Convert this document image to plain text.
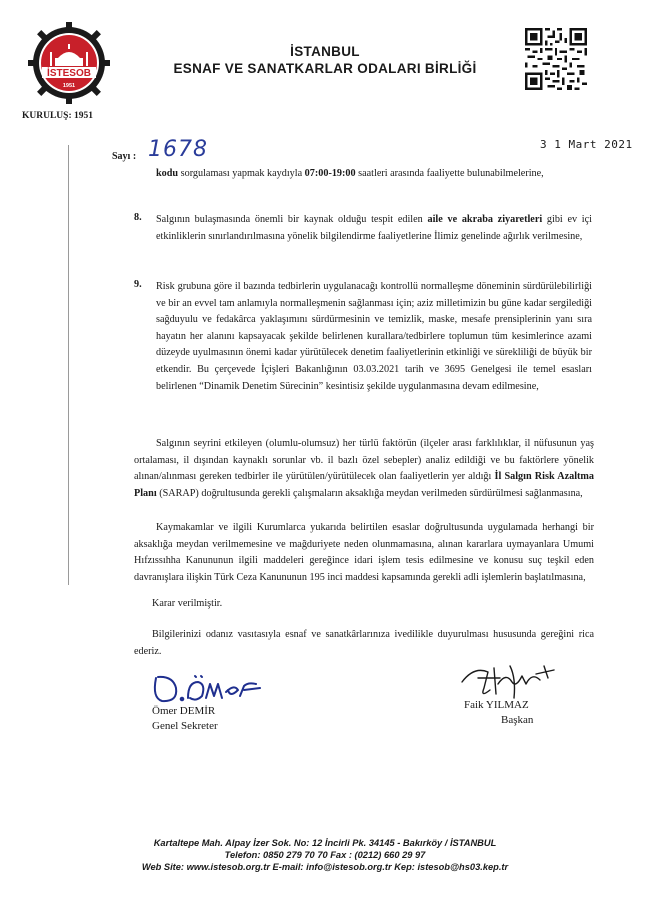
İSTESOB
1951
KURULUŞ: 1951
İSTANBUL
ESNAF VE SANATKARLAR ODALARI BİRLİĞİ
Sayı : 1678	3 1 Mart 2021
kodu sorgulaması yapmak kaydıyla 07:00-19:00 saatleri arasında faaliyette bulunabilmelerine,
8. Salgının bulaşmasında önemli bir kaynak olduğu tespit edilen aile ve akraba ziyaretleri gibi ev içi etkinliklerin sınırlandırılmasına yönelik bilgilendirme faaliyetlerine İlimiz genelinde ağırlık verilmesine,
9. Risk grubuna göre il bazında tedbirlerin uygulanacağı kontrollü normalleşme döneminin sürdürülebilirliği ve bir an evvel tam anlamıyla normalleşmenin sağlanması için; aziz milletimizin bu güne kadar sergilediği sağduyulu ve fedakârca yaklaşımını sürdürmesinin ve temizlik, maske, mesafe prensiplerinin yanı sıra hayatın her alanını kapsayacak şekilde belirlenen kurallara/tedbirlere toplumun tüm kesimlerince azami düzeyde uyulmasının önemi kadar yürütülecek denetim faaliyetlerinin etkinliği ve sürekliliği de büyük bir etkendir. Bu çerçevede İçişleri Bakanlığının 03.03.2021 tarih ve 3695 Genelgesi ile temel esasları belirlenen “Dinamik Denetim Sürecinin” kesintisiz şekilde uygulanmasına devam edilmesine,
Salgının seyrini etkileyen (olumlu-olumsuz) her türlü faktörün (ilçeler arası farklılıklar, il nüfusunun yaş ortalaması, il dışından kaynaklı sorunlar vb. il bazlı özel sebepler) analiz edildiği ve bu faktörlere yönelik alınan/alınması gereken tedbirler ile yürütülen/yürütülecek olan faaliyetlerin yer aldığı İl Salgın Risk Azaltma Planı (SARAP) doğrultusunda gerekli çalışmaların aksaklığa meydan verilmeden sürdürülmesi sağlanmasına,
Kaymakamlar ve ilgili Kurumlarca yukarıda belirtilen esaslar doğrultusunda uygulamada herhangi bir aksaklığa meydan verilmemesine ve mağduriyete neden olunmamasına, alınan kararlara uymayanlara Umumi Hıfzıssıhha Kanununun ilgili maddeleri gereğince idari işlem tesis edilmesine ve konusu suç teşkil eden davranışlara ilişkin Türk Ceza Kanununun 195 inci maddesi kapsamında gerekli adli işlemlerin başlatılmasına,
Karar verilmiştir.
Bilgilerinizi odanız vasıtasıyla esnaf ve sanatkârlarınıza ivedilikle duyurulması hususunda gereğini rica ederiz.
Ömer DEMİR
Genel Sekreter
Faik YILMAZ
Başkan
Kartaltepe Mah. Alpay İzer Sok. No: 12 İncirli Pk. 34145 - Bakırköy / İSTANBUL
Telefon: 0850 279 70 70 Fax : (0212) 660 29 97
Web Site: www.istesob.org.tr E-mail: info@istesob.org.tr Kep: istesob@hs03.kep.tr
